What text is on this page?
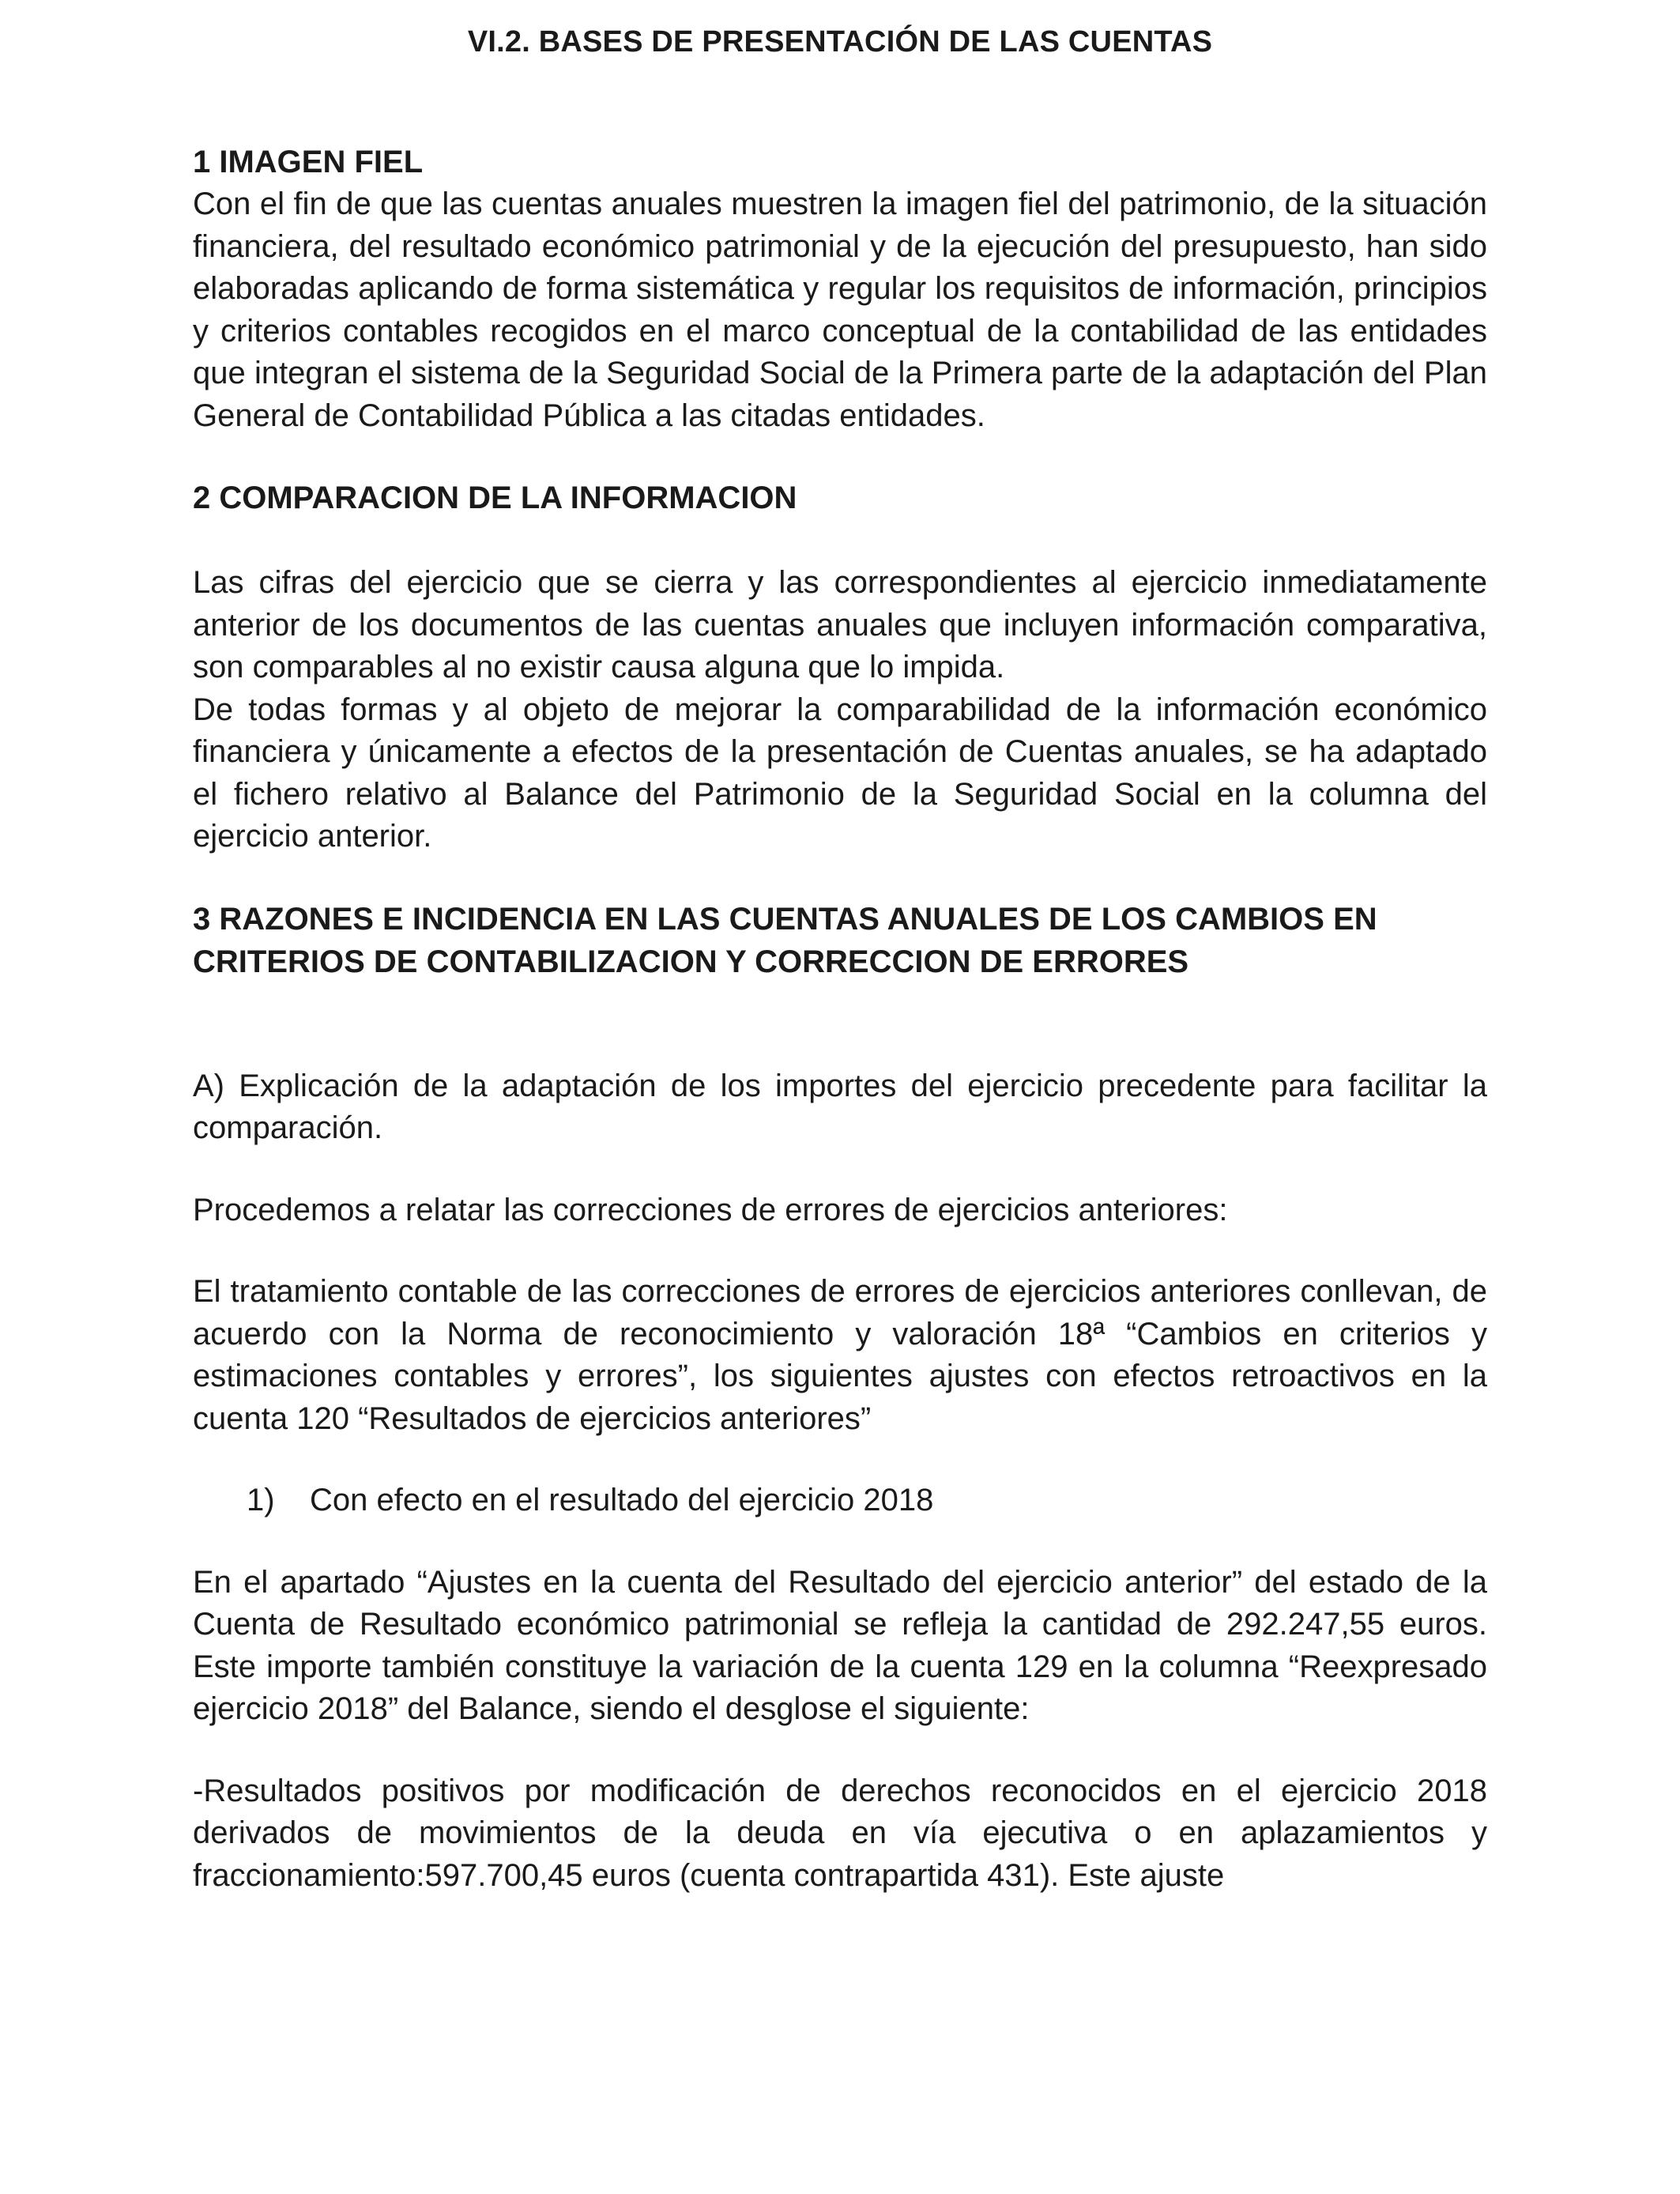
VI.2. BASES DE PRESENTACIÓN DE LAS CUENTAS
1 IMAGEN FIEL

Con el fin de que las cuentas anuales muestren la imagen fiel del patrimonio, de la situación financiera, del resultado económico patrimonial y de la ejecución del presupuesto, han sido elaboradas aplicando de forma sistemática y regular los requisitos de información, principios y criterios contables recogidos en el marco conceptual de la contabilidad de las entidades que integran el sistema de la Seguridad Social de la Primera parte de la adaptación del Plan General de Contabilidad Pública a las citadas entidades.

2 COMPARACION DE LA INFORMACION

Las cifras del ejercicio que se cierra y las correspondientes al ejercicio inmediatamente anterior de los documentos de las cuentas anuales que incluyen información comparativa, son comparables al no existir causa alguna que lo impida.

De todas formas y al objeto de mejorar la comparabilidad de la información económico financiera y únicamente a efectos de la presentación de Cuentas anuales, se ha adaptado el fichero relativo al Balance del Patrimonio de la Seguridad Social en la columna del ejercicio anterior.

3 RAZONES E INCIDENCIA EN LAS CUENTAS ANUALES DE LOS CAMBIOS EN CRITERIOS DE CONTABILIZACION Y CORRECCION DE ERRORES

A) Explicación de la adaptación de los importes del ejercicio precedente para facilitar la comparación.

Procedemos a relatar las correcciones de errores de ejercicios anteriores:

El tratamiento contable de las correcciones de errores de ejercicios anteriores conllevan, de acuerdo con la Norma de reconocimiento y valoración 18ª “Cambios en criterios y estimaciones contables y errores”, los siguientes ajustes con efectos retroactivos en la cuenta 120 “Resultados de ejercicios anteriores”

1)	Con efecto en el resultado del ejercicio 2018

En el apartado “Ajustes en la cuenta del Resultado del ejercicio anterior” del estado de la Cuenta de Resultado económico patrimonial se refleja la cantidad de 292.247,55 euros. Este importe también constituye la variación de la cuenta 129 en la columna “Reexpresado ejercicio 2018” del Balance, siendo el desglose el siguiente:

-Resultados positivos por modificación de derechos reconocidos en el ejercicio 2018 derivados de movimientos de la deuda en vía ejecutiva o en aplazamientos y fraccionamiento:597.700,45 euros (cuenta contrapartida 431). Este ajuste
